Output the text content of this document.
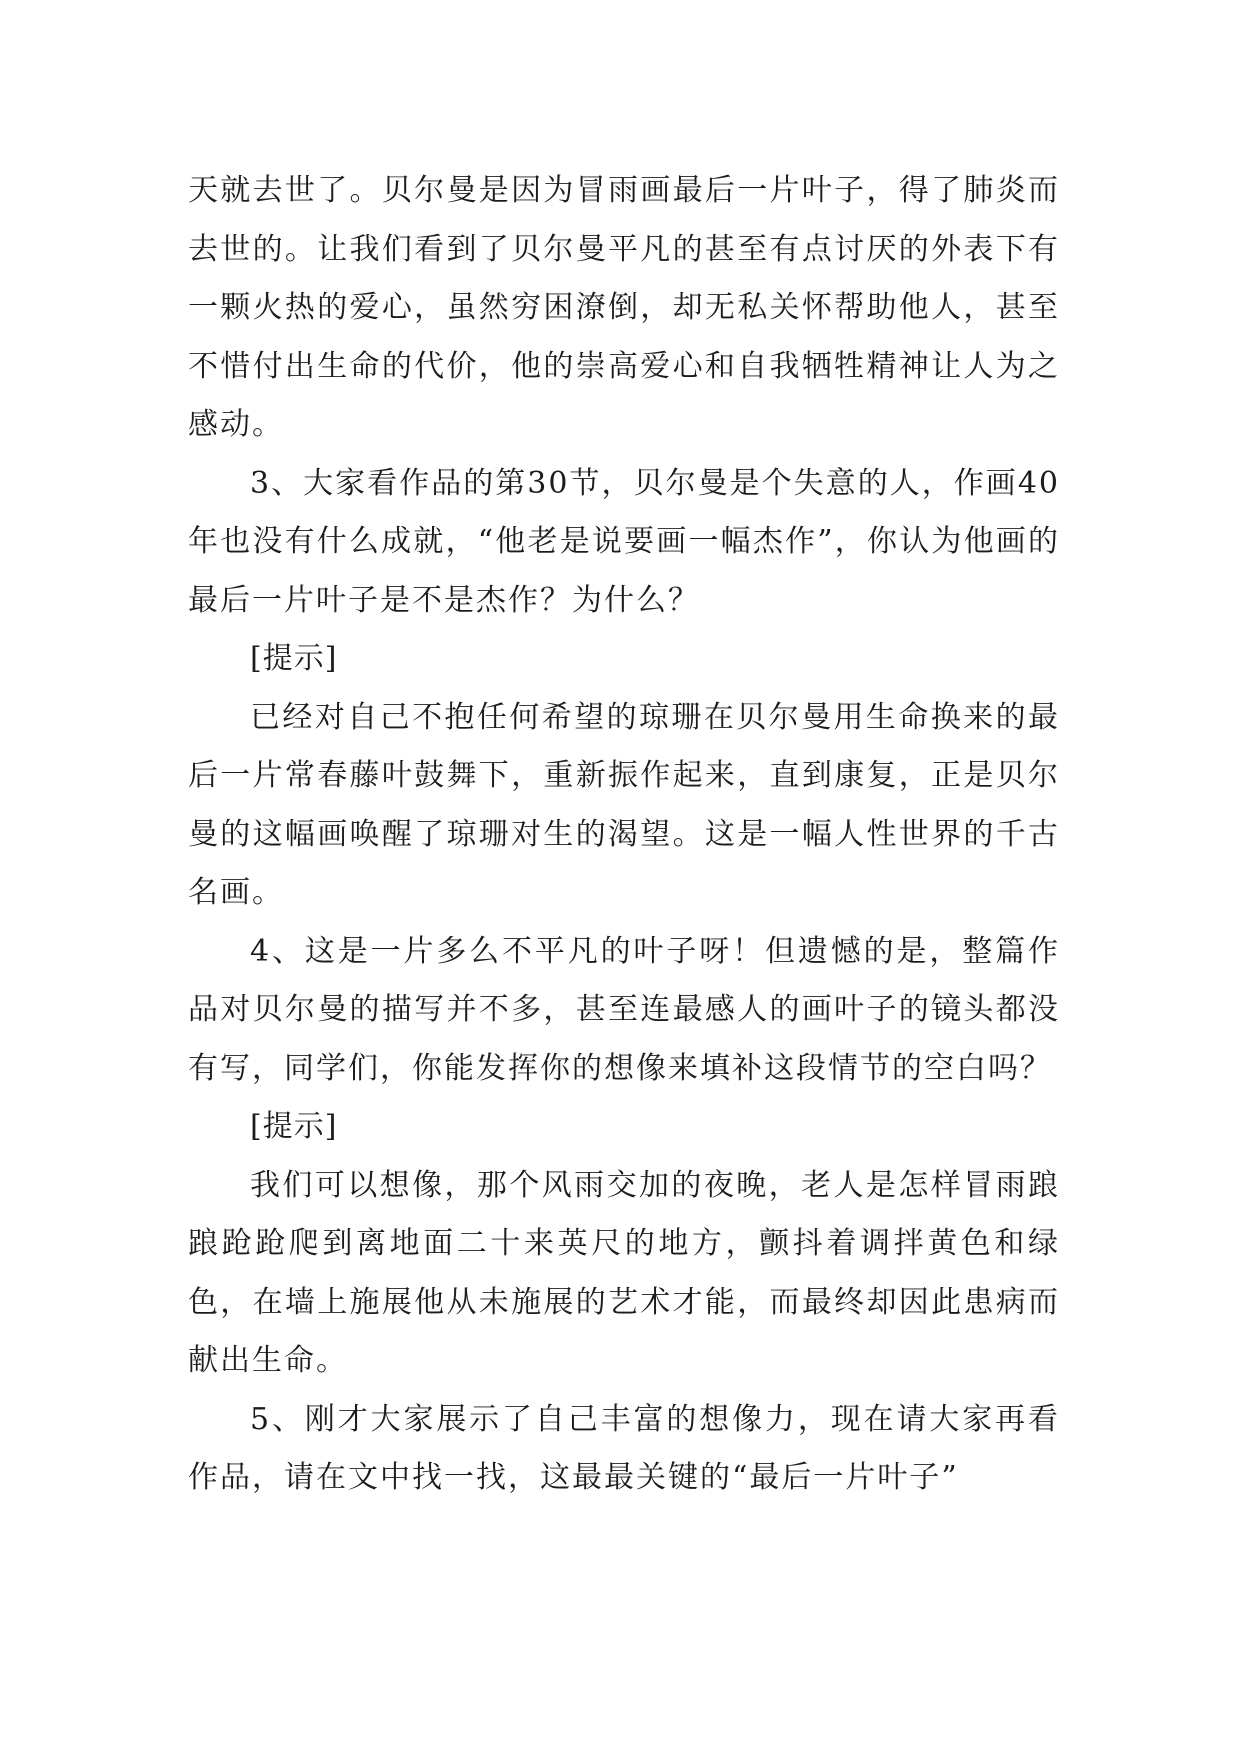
天就去世了。贝尔曼是因为冒雨画最后一片叶子，得了肺炎而去世的。让我们看到了贝尔曼平凡的甚至有点讨厌的外表下有一颗火热的爱心，虽然穷困潦倒，却无私关怀帮助他人，甚至不惜付出生命的代价，他的崇高爱心和自我牺牲精神让人为之感动。

3、大家看作品的第30节，贝尔曼是个失意的人，作画40年也没有什么成就，“他老是说要画一幅杰作”，你认为他画的最后一片叶子是不是杰作？为什么？

[提示]

已经对自己不抱任何希望的琼珊在贝尔曼用生命换来的最后一片常春藤叶鼓舞下，重新振作起来，直到康复，正是贝尔曼的这幅画唤醒了琼珊对生的渴望。这是一幅人性世界的千古名画。

4、这是一片多么不平凡的叶子呀！但遗憾的是，整篇作品对贝尔曼的描写并不多，甚至连最感人的画叶子的镜头都没有写，同学们，你能发挥你的想像来填补这段情节的空白吗？

[提示]

我们可以想像，那个风雨交加的夜晚，老人是怎样冒雨踉踉跄跄爬到离地面二十来英尺的地方，颤抖着调拌黄色和绿色，在墙上施展他从未施展的艺术才能，而最终却因此患病而献出生命。

5、刚才大家展示了自己丰富的想像力，现在请大家再看作品，请在文中找一找，这最最关键的“最后一片叶子”
